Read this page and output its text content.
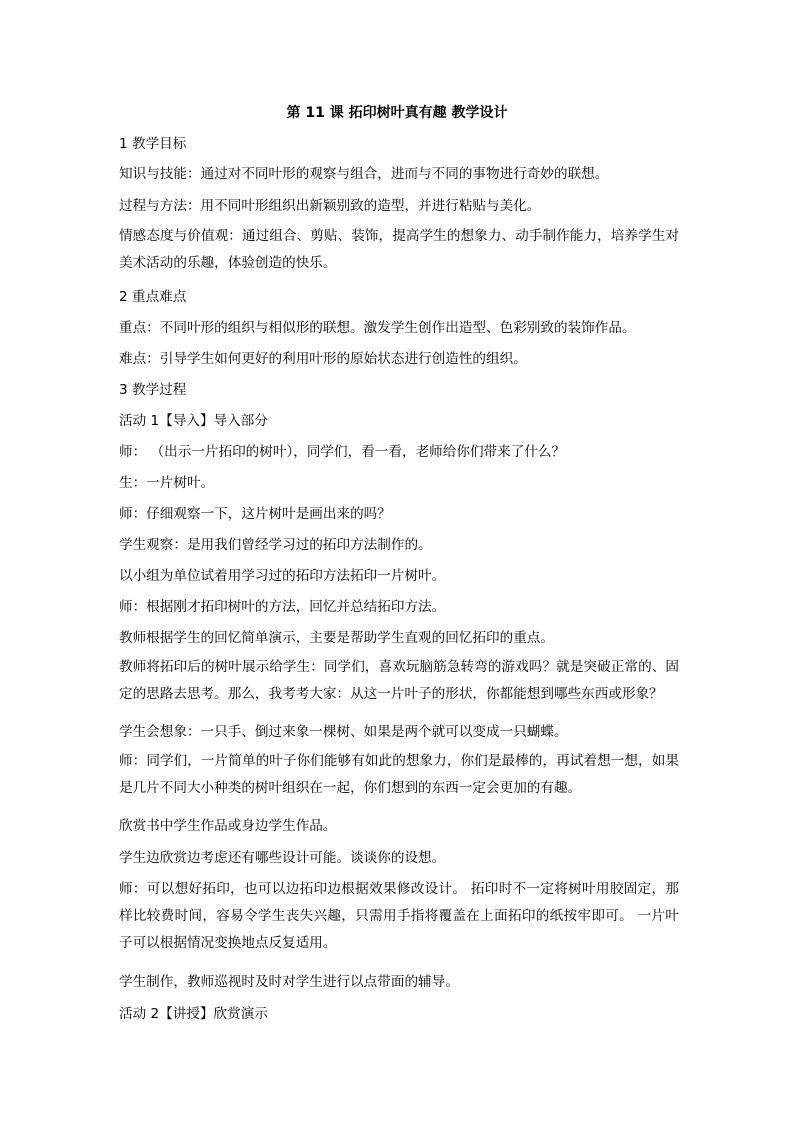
第 11 课 拓印树叶真有趣 教学设计
1 教学目标
知识与技能：通过对不同叶形的观察与组合，进而与不同的事物进行奇妙的联想。
过程与方法：用不同叶形组织出新颖别致的造型，并进行粘贴与美化。
情感态度与价值观：通过组合、剪贴、装饰，提高学生的想象力、动手制作能力，培养学生对美术活动的乐趣，体验创造的快乐。
2 重点难点
重点：不同叶形的组织与相似形的联想。激发学生创作出造型、色彩别致的装饰作品。
难点：引导学生如何更好的利用叶形的原始状态进行创造性的组织。
3 教学过程
活动 1【导入】导入部分
师： （出示一片拓印的树叶），同学们，看一看，老师给你们带来了什么？
生：一片树叶。
师：仔细观察一下，这片树叶是画出来的吗？
学生观察：是用我们曾经学习过的拓印方法制作的。
以小组为单位试着用学习过的拓印方法拓印一片树叶。
师：根据刚才拓印树叶的方法，回忆并总结拓印方法。
教师根据学生的回忆简单演示，主要是帮助学生直观的回忆拓印的重点。
教师将拓印后的树叶展示给学生：同学们，喜欢玩脑筋急转弯的游戏吗？就是突破正常的、固定的思路去思考。那么，我考考大家：从这一片叶子的形状，你都能想到哪些东西或形象？
学生会想象：一只手、倒过来象一棵树、如果是两个就可以变成一只蝴蝶。
师：同学们，一片简单的叶子你们能够有如此的想象力，你们是最棒的，再试着想一想，如果是几片不同大小种类的树叶组织在一起，你们想到的东西一定会更加的有趣。
欣赏书中学生作品或身边学生作品。
学生边欣赏边考虑还有哪些设计可能。谈谈你的设想。
师：可以想好拓印，也可以边拓印边根据效果修改设计。 拓印时不一定将树叶用胶固定，那样比较费时间，容易令学生丧失兴趣，只需用手指将覆盖在上面拓印的纸按牢即可。 一片叶子可以根据情况变换地点反复适用。
学生制作，教师巡视时及时对学生进行以点带面的辅导。
活动 2【讲授】欣赏演示
